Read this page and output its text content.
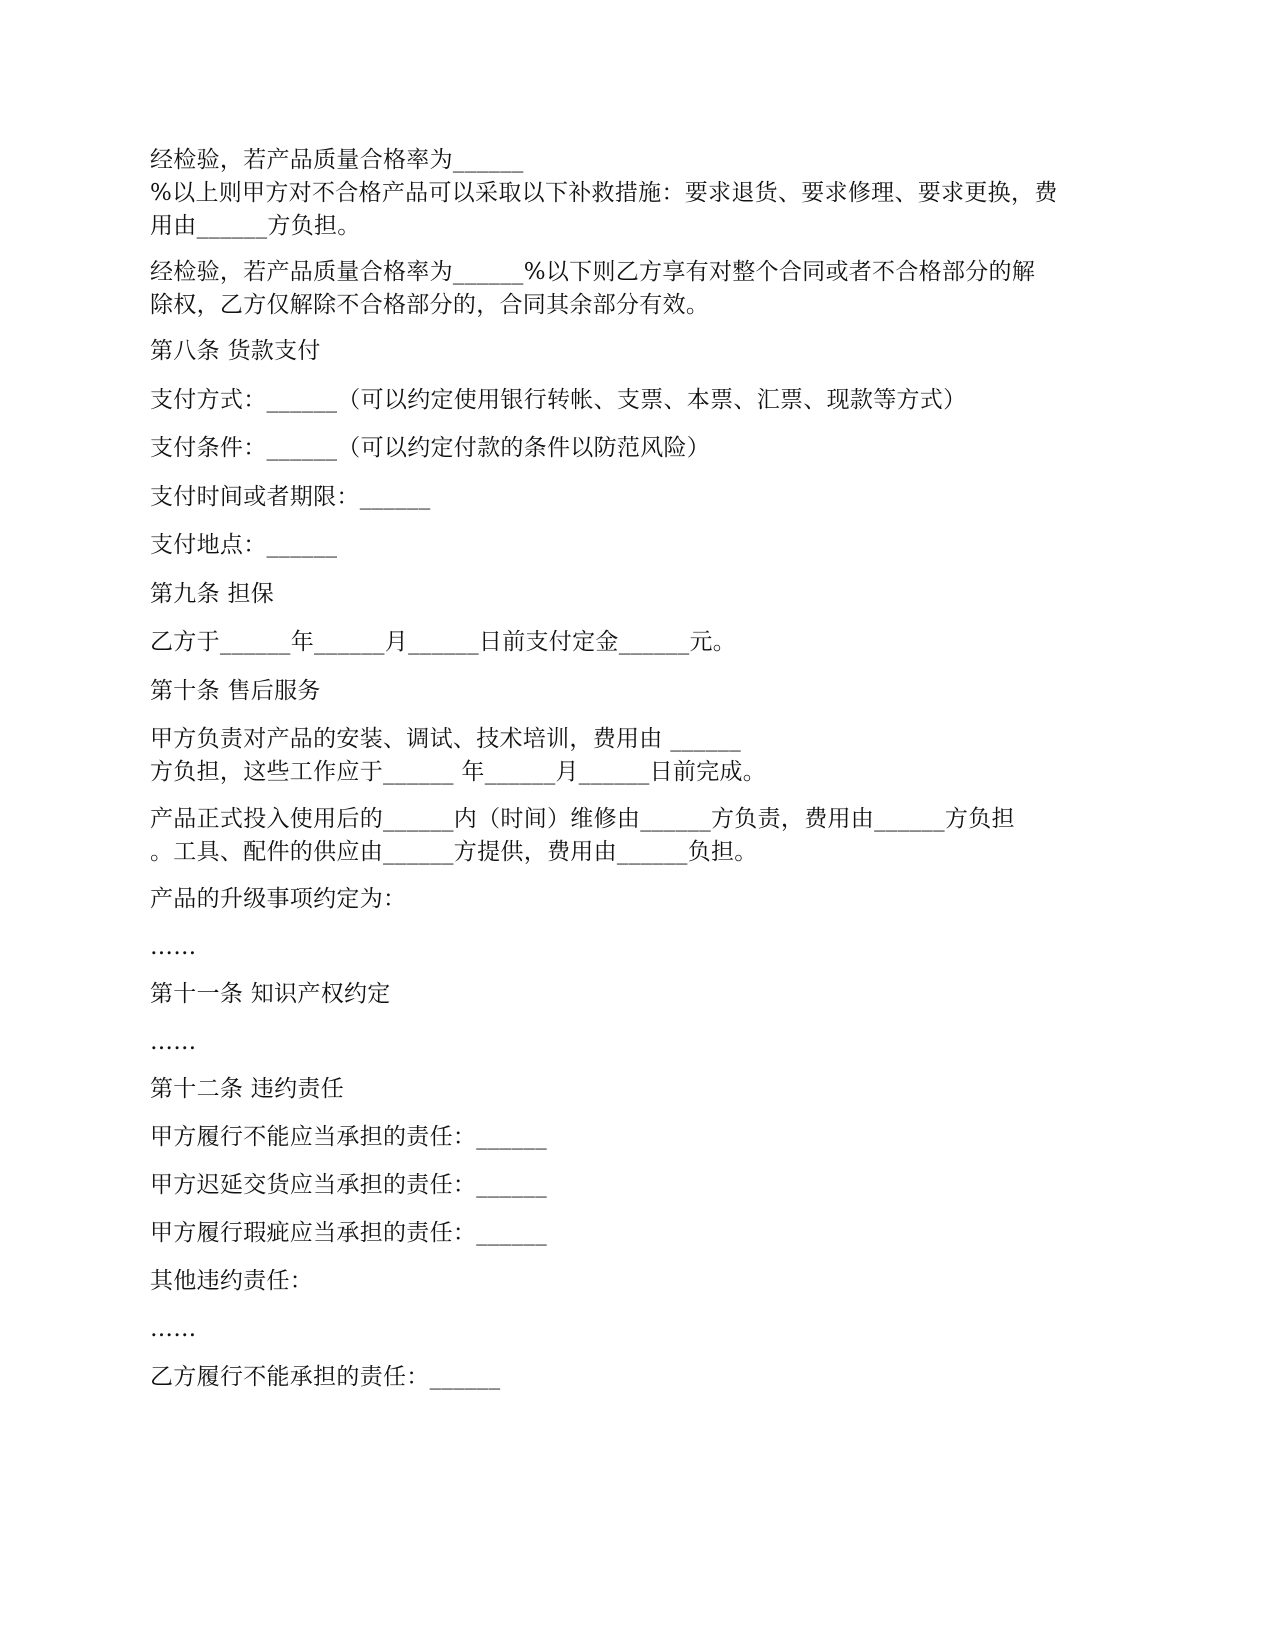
经检验，若产品质量合格率为______
%以上则甲方对不合格产品可以采取以下补救措施：要求退货、要求修理、要求更换，费
用由______方负担。
经检验，若产品质量合格率为______%以下则乙方享有对整个合同或者不合格部分的解
除权，乙方仅解除不合格部分的，合同其余部分有效。
第八条 货款支付
支付方式：______（可以约定使用银行转帐、支票、本票、汇票、现款等方式）
支付条件：______（可以约定付款的条件以防范风险）
支付时间或者期限：______
支付地点：______
第九条 担保
乙方于______年______月______日前支付定金______元。
第十条 售后服务
甲方负责对产品的安装、调试、技术培训，费用由 ______
方负担，这些工作应于______ 年______月______日前完成。
产品正式投入使用后的______内（时间）维修由______方负责，费用由______方负担
。工具、配件的供应由______方提供，费用由______负担。
产品的升级事项约定为：
……
第十一条 知识产权约定
……
第十二条 违约责任
甲方履行不能应当承担的责任：______
甲方迟延交货应当承担的责任：______
甲方履行瑕疵应当承担的责任：______
其他违约责任：
……
乙方履行不能承担的责任：______
